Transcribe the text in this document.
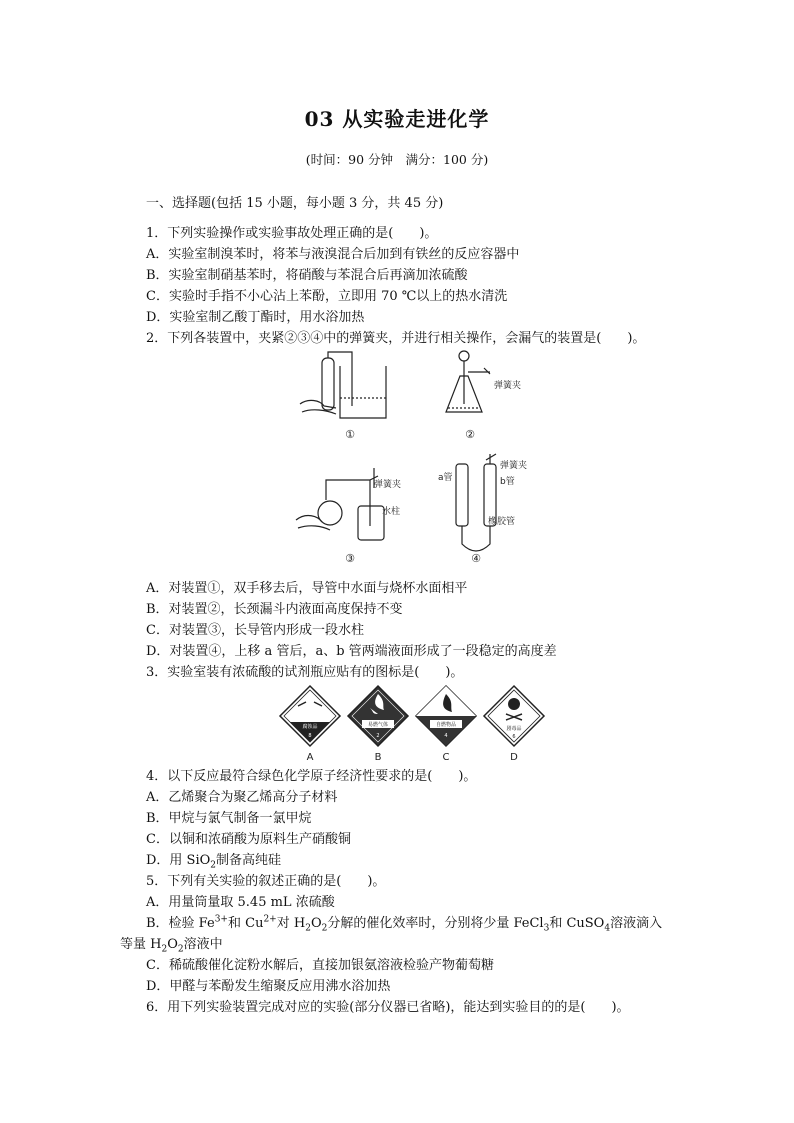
03 从实验走进化学
(时间：90 分钟　满分：100 分)
一、选择题(包括 15 小题，每小题 3 分，共 45 分)
1．下列实验操作或实验事故处理正确的是(　　)。
A．实验室制溴苯时，将苯与液溴混合后加到有铁丝的反应容器中
B．实验室制硝基苯时，将硝酸与苯混合后再滴加浓硫酸
C．实验时手指不小心沾上苯酚，立即用 70 ℃以上的热水清洗
D．实验室制乙酸丁酯时，用水浴加热
2．下列各装置中，夹紧②③④中的弹簧夹，并进行相关操作，会漏气的装置是(　　)。
①	②
弹簧夹
弹簧夹
水柱
③
弹簧夹
a管	b管
橡胶管
④
A．对装置①，双手移去后，导管中水面与烧杯水面相平
B．对装置②，长颈漏斗内液面高度保持不变
C．对装置③，长导管内形成一段水柱
D．对装置④，上移 a 管后，a、b 管两端液面形成了一段稳定的高度差
3．实验室装有浓硫酸的试剂瓶应贴有的图标是(　　)。
腐蚀品
8
A
易燃气体
2
B
自燃物品
4
C
剧毒品
6
D
4．以下反应最符合绿色化学原子经济性要求的是(　　)。
A．乙烯聚合为聚乙烯高分子材料
B．甲烷与氯气制备一氯甲烷
C．以铜和浓硝酸为原料生产硝酸铜
D．用 SiO$_2$制备高纯硅
5．下列有关实验的叙述正确的是(　　)。
A．用量筒量取 5.45 mL 浓硫酸
B．检验 $Fe^{3+}$和 $Cu^{2+}$对 $H_2O_2$分解的催化效率时，分别将少量 FeCl$_3$和 CuSO$_4$溶液滴入
等量 $H_2O_2$溶液中
C．稀硫酸催化淀粉水解后，直接加银氨溶液检验产物葡萄糖
D．甲醛与苯酚发生缩聚反应用沸水浴加热
6．用下列实验装置完成对应的实验(部分仪器已省略)，能达到实验目的的是(　　)。
